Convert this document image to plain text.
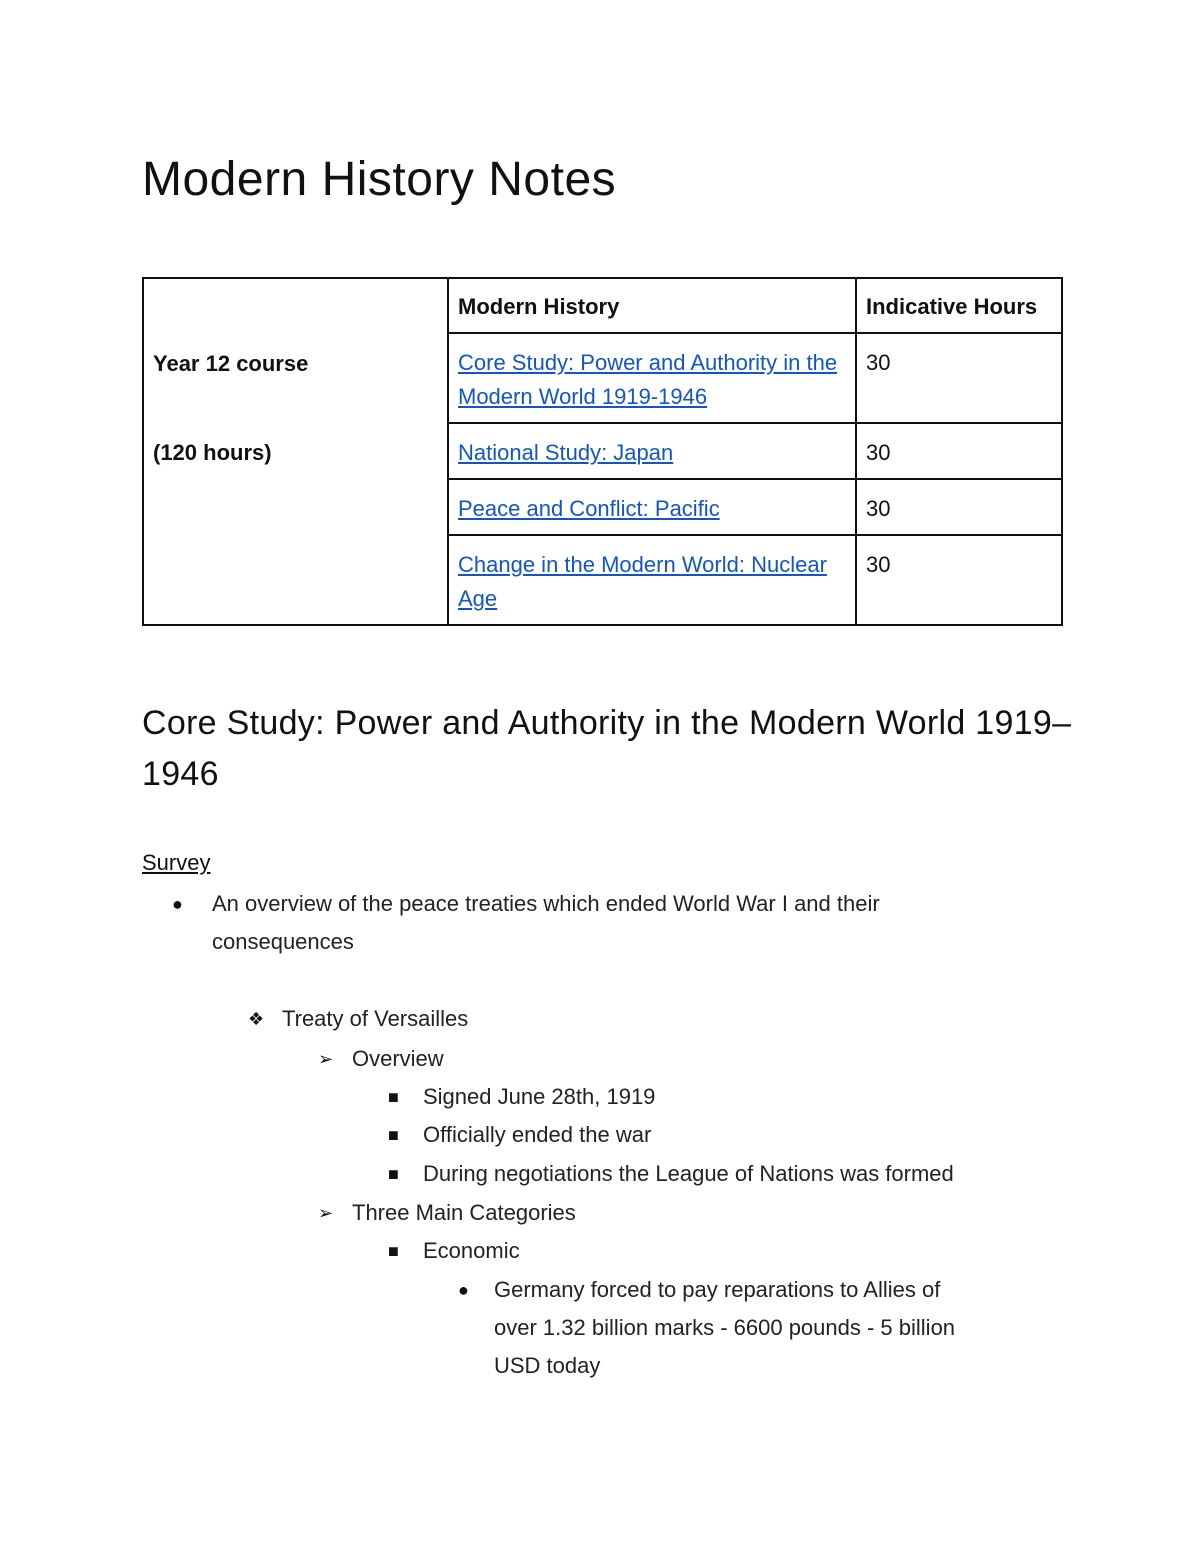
Modern History Notes
Year 12 course
(120 hours)	Modern History	Indicative Hours
	Core Study: Power and Authority in the Modern World 1919-1946	30
	National Study: Japan	30
	Peace and Conflict: Pacific	30
	Change in the Modern World: Nuclear Age	30
Core Study: Power and Authority in the Modern World 1919–1946

Survey

● An overview of the peace treaties which ended World War I and their
consequences
❖ Treaty of Versailles
➢ Overview
■ Signed June 28th, 1919
■ Officially ended the war
■ During negotiations the League of Nations was formed
➢ Three Main Categories
■ Economic
● Germany forced to pay reparations to Allies of
over 1.32 billion marks - 6600 pounds - 5 billion
USD today
